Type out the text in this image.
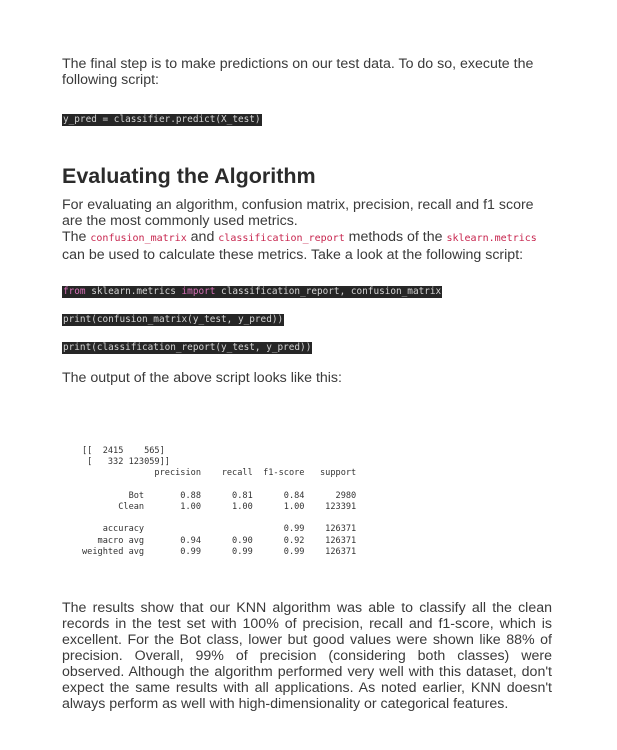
The final step is to make predictions on our test data. To do so, execute the following script:

y_pred = classifier.predict(X_test)
Evaluating the Algorithm

For evaluating an algorithm, confusion matrix, precision, recall and f1 score are the most commonly used metrics.
The confusion_matrix and classification_report methods of the sklearn.metrics can be used to calculate these metrics. Take a look at the following script:

from sklearn.metrics import classification_report, confusion_matrix
print(confusion_matrix(y_test, y_pred))
print(classification_report(y_test, y_pred))

The output of the above script looks like this:

[[  2415    565]
[   332 123059]]
precision    recall  f1-score   support

Bot       0.88      0.81      0.84      2980
Clean       1.00      1.00      1.00    123391

accuracy                           0.99    126371
macro avg       0.94      0.90      0.92    126371
weighted avg       0.99      0.99      0.99    126371

The results show that our KNN algorithm was able to classify all the clean records in the test set with 100% of precision, recall and f1-score, which is excellent. For the Bot class, lower but good values were shown like 88% of precision. Overall, 99% of precision (considering both classes) were observed. Although the algorithm performed very well with this dataset, don't expect the same results with all applications. As noted earlier, KNN doesn't always perform as well with high-dimensionality or categorical features.
